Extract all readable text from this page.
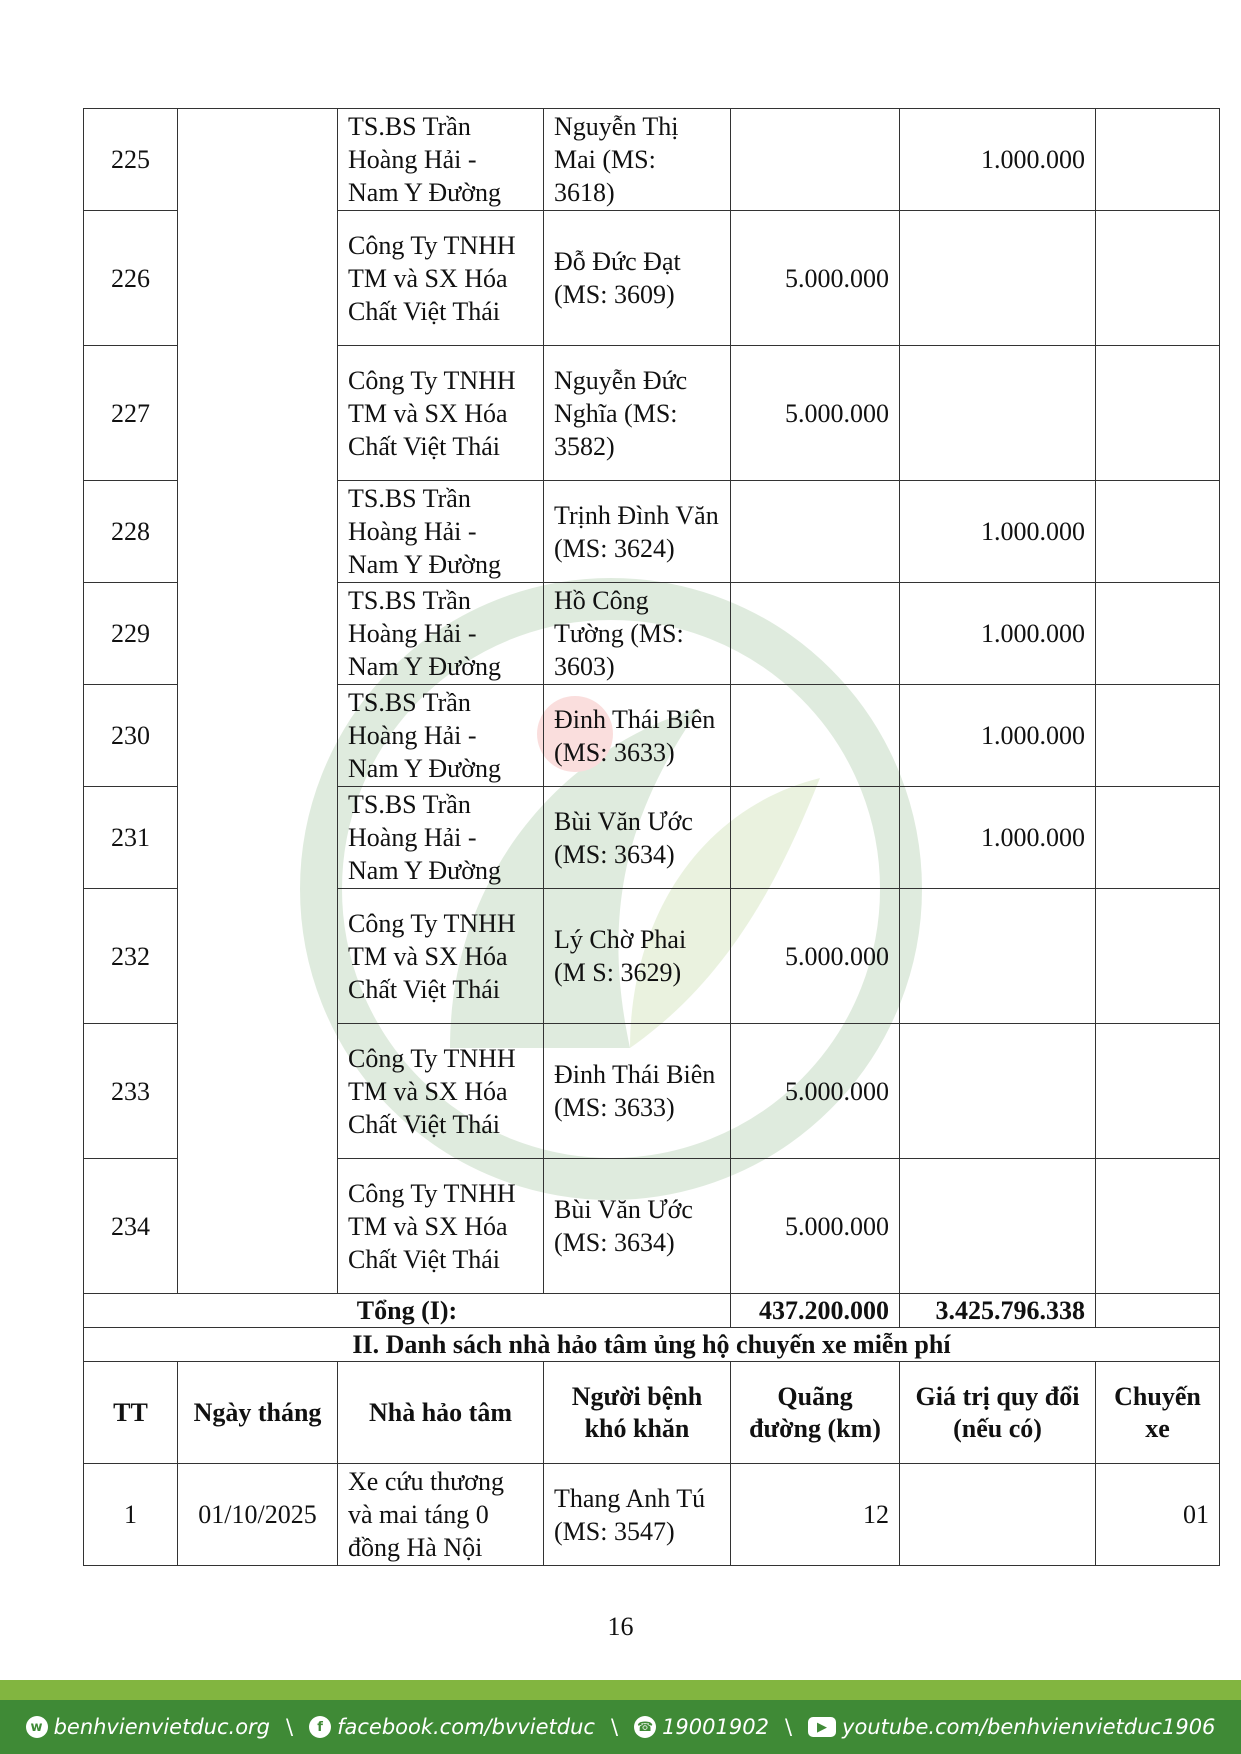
1906
225		TS.BS Trần Hoàng Hải - Nam Y Đường	Nguyễn Thị Mai (MS: 3618)		1.000.000	
226		Công Ty TNHH TM và SX Hóa Chất Việt Thái	Đỗ Đức Đạt (MS: 3609)	5.000.000		
227		Công Ty TNHH TM và SX Hóa Chất Việt Thái	Nguyễn Đức Nghĩa (MS: 3582)	5.000.000		
228		TS.BS Trần Hoàng Hải - Nam Y Đường	Trịnh Đình Văn (MS: 3624)		1.000.000	
229		TS.BS Trần Hoàng Hải - Nam Y Đường	Hồ Công Tường (MS: 3603)		1.000.000	
230		TS.BS Trần Hoàng Hải - Nam Y Đường	Đinh Thái Biên (MS: 3633)		1.000.000	
231		TS.BS Trần Hoàng Hải - Nam Y Đường	Bùi Văn Ước (MS: 3634)		1.000.000	
232		Công Ty TNHH TM và SX Hóa Chất Việt Thái	Lý Chờ Phai (M S: 3629)	5.000.000		
233		Công Ty TNHH TM và SX Hóa Chất Việt Thái	Đinh Thái Biên (MS: 3633)	5.000.000		
234		Công Ty TNHH TM và SX Hóa Chất Việt Thái	Bùi Văn Ước (MS: 3634)	5.000.000		
Tổng (I):				437.200.000	3.425.796.338	
II. Danh sách nhà hảo tâm ủng hộ chuyến xe miễn phí						
TT	Ngày tháng	Nhà hảo tâm	Người bệnh khó khăn	Quãng đường (km)	Giá trị quy đổi (nếu có)	Chuyến xe
1	01/10/2025	Xe cứu thương và mai táng 0 đồng Hà Nội	Thang Anh Tú (MS: 3547)	12		01
16
w benhvienvietduc.org \	f facebook.com/bvvietduc \ ☎ 19001902 \	▶ youtube.com/benhvienvietduc1906
